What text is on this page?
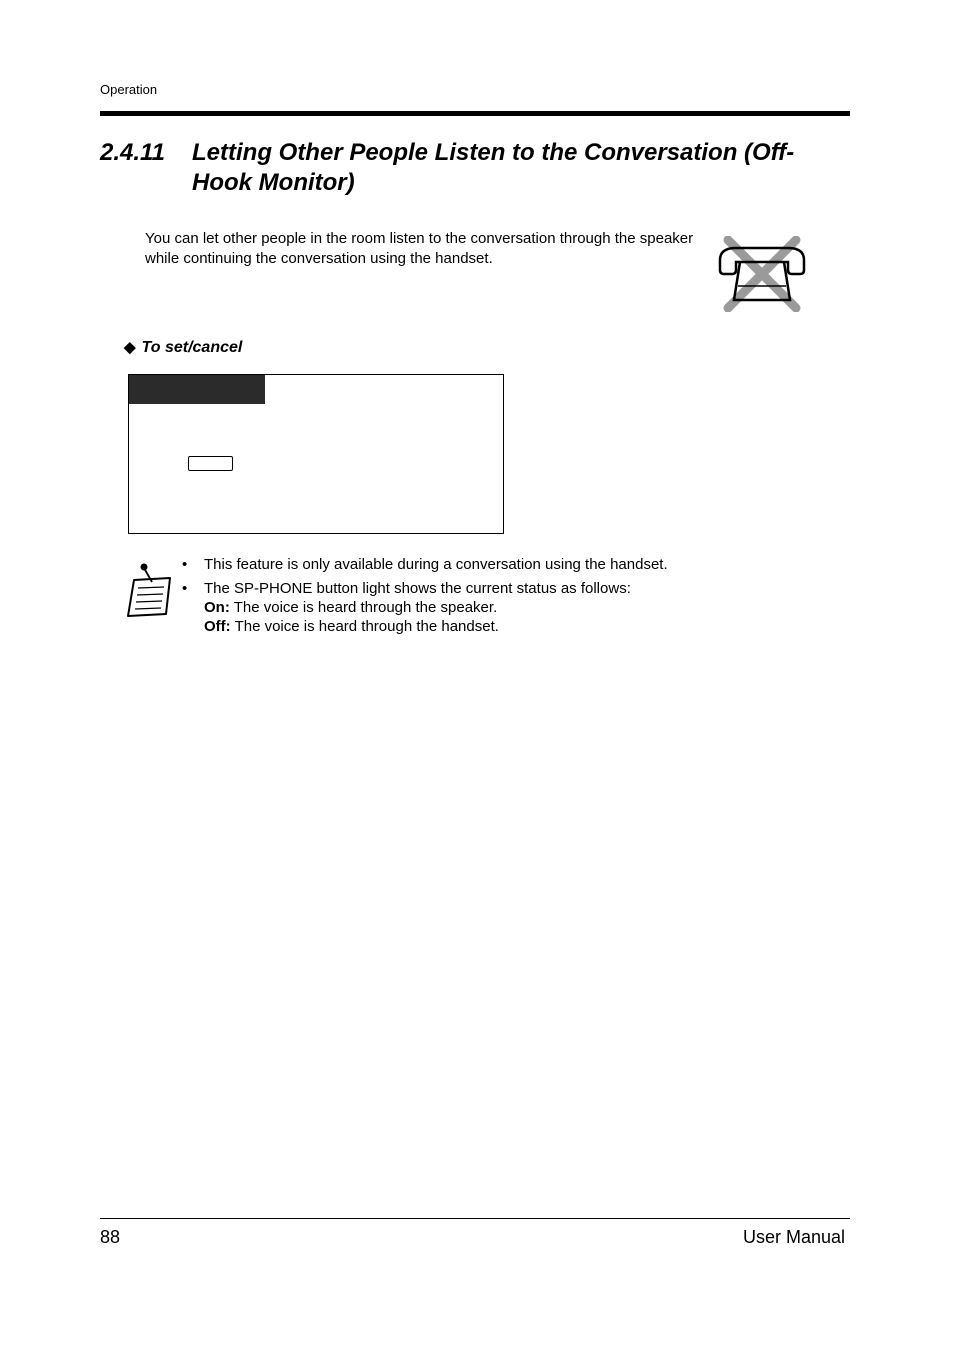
Operation
2.4.11 Letting Other People Listen to the Conversation (Off-Hook Monitor)
You can let other people in the room listen to the conversation through the speaker while continuing the conversation using the handset.
◆ To set/cancel
• This feature is only available during a conversation using the handset.
• The SP-PHONE button light shows the current status as follows:
On: The voice is heard through the speaker.
Off: The voice is heard through the handset.
88	User Manual
